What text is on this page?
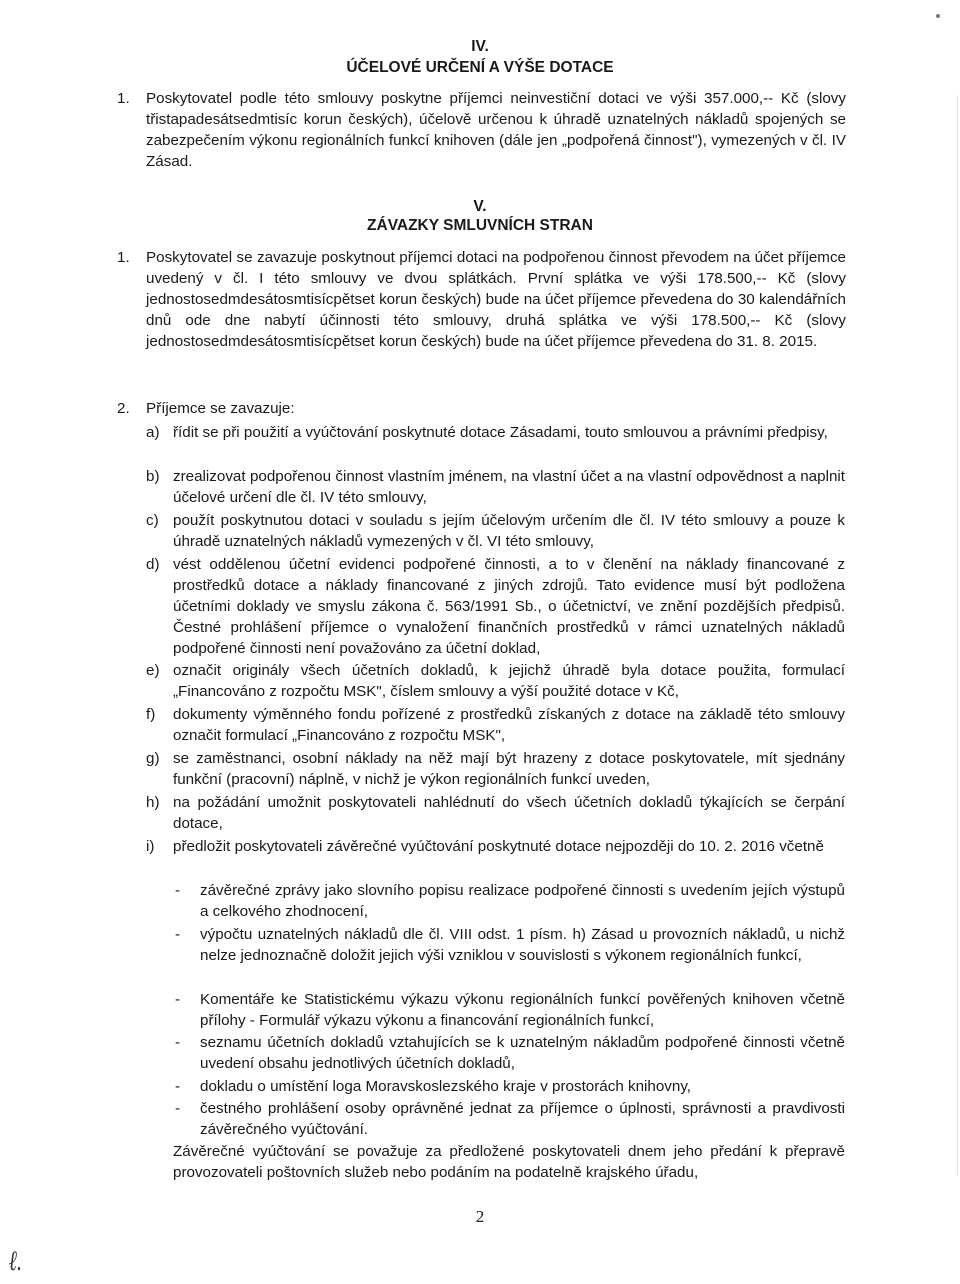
IV.
ÚČELOVÉ URČENÍ A VÝŠE DOTACE
1. Poskytovatel podle této smlouvy poskytne příjemci neinvestiční dotaci ve výši 357.000,-- Kč (slovy třistapadesátsedmtisíc korun českých), účelově určenou k úhradě uznatelných nákladů spojených se zabezpečením výkonu regionálních funkcí knihoven (dále jen „podpořená činnost"), vymezených v čl. IV Zásad.
V.
ZÁVAZKY SMLUVNÍCH STRAN
1. Poskytovatel se zavazuje poskytnout příjemci dotaci na podpořenou činnost převodem na účet příjemce uvedený v čl. I této smlouvy ve dvou splátkách. První splátka ve výši 178.500,-- Kč (slovy jednostosedmdesátosmtisícpětset korun českých) bude na účet příjemce převedena do 30 kalendářních dnů ode dne nabytí účinnosti této smlouvy, druhá splátka ve výši 178.500,-- Kč (slovy jednostosedmdesátosmtisícpětset korun českých) bude na účet příjemce převedena do 31. 8. 2015.
2. Příjemce se zavazuje:
a) řídit se při použití a vyúčtování poskytnuté dotace Zásadami, touto smlouvou a právními předpisy,
b) zrealizovat podpořenou činnost vlastním jménem, na vlastní účet a na vlastní odpovědnost a naplnit účelové určení dle čl. IV této smlouvy,
c) použít poskytnutou dotaci v souladu s jejím účelovým určením dle čl. IV této smlouvy a pouze k úhradě uznatelných nákladů vymezených v čl. VI této smlouvy,
d) vést oddělenou účetní evidenci podpořené činnosti, a to v členění na náklady financované z prostředků dotace a náklady financované z jiných zdrojů. Tato evidence musí být podložena účetními doklady ve smyslu zákona č. 563/1991 Sb., o účetnictví, ve znění pozdějších předpisů. Čestné prohlášení příjemce o vynaložení finančních prostředků v rámci uznatelných nákladů podpořené činnosti není považováno za účetní doklad,
e) označit originály všech účetních dokladů, k jejichž úhradě byla dotace použita, formulací „Financováno z rozpočtu MSK", číslem smlouvy a výší použité dotace v Kč,
f) dokumenty výměnného fondu pořízené z prostředků získaných z dotace na základě této smlouvy označit formulací „Financováno z rozpočtu MSK",
g) se zaměstnanci, osobní náklady na něž mají být hrazeny z dotace poskytovatele, mít sjednány funkční (pracovní) náplně, v nichž je výkon regionálních funkcí uveden,
h) na požádání umožnit poskytovateli nahlédnutí do všech účetních dokladů týkajících se čerpání dotace,
i) předložit poskytovateli závěrečné vyúčtování poskytnuté dotace nejpozději do 10. 2. 2016 včetně
- závěrečné zprávy jako slovního popisu realizace podpořené činnosti s uvedením jejích výstupů a celkového zhodnocení,
- výpočtu uznatelných nákladů dle čl. VIII odst. 1 písm. h) Zásad u provozních nákladů, u nichž nelze jednoznačně doložit jejich výši vzniklou v souvislosti s výkonem regionálních funkcí,
- Komentáře ke Statistickému výkazu výkonu regionálních funkcí pověřených knihoven včetně přílohy - Formulář výkazu výkonu a financování regionálních funkcí,
- seznamu účetních dokladů vztahujících se k uznatelným nákladům podpořené činnosti včetně uvedení obsahu jednotlivých účetních dokladů,
- dokladu o umístění loga Moravskoslezského kraje v prostorách knihovny,
- čestného prohlášení osoby oprávněné jednat za příjemce o úplnosti, správnosti a pravdivosti závěrečného vyúčtování.
Závěrečné vyúčtování se považuje za předložené poskytovateli dnem jeho předání k přepravě provozovateli poštovních služeb nebo podáním na podatelně krajského úřadu,
2
ℓ.
